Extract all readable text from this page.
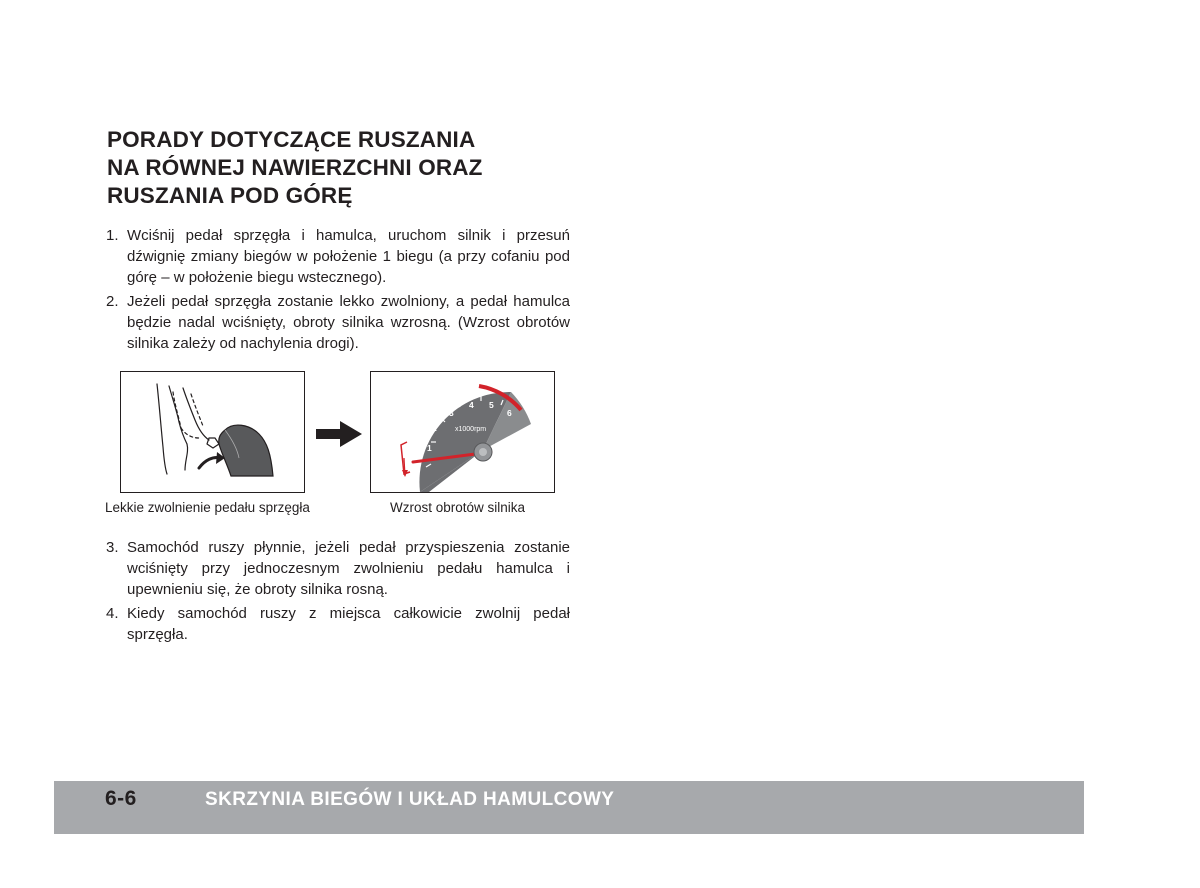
PORADY DOTYCZĄCE RUSZANIA
NA RÓWNEJ NAWIERZCHNI ORAZ
RUSZANIA POD GÓRĘ
1. Wciśnij pedał sprzęgła i hamulca, uruchom silnik i przesuń dźwignię zmiany biegów w położenie 1 biegu (a przy cofaniu pod górę – w położenie biegu wstecznego).
2. Jeżeli pedał sprzęgła zostanie lekko zwolniony, a pedał hamulca będzie nadal wciśnięty, obroty silnika wzrosną. (Wzrost obrotów silnika zależy od nachylenia drogi).
1
2
3
4 5
6
x1000rpm

Lekkie zwolnienie pedału sprzęgła	Wzrost obrotów silnika

3. Samochód ruszy płynnie, jeżeli pedał przyspieszenia zostanie wciśnięty przy jednoczesnym zwolnieniu pedału hamulca i upewnieniu się, że obroty silnika rosną.
4. Kiedy samochód ruszy z miejsca całkowicie zwolnij pedał sprzęgła.
6-6	SKRZYNIA BIEGÓW I UKŁAD HAMULCOWY
